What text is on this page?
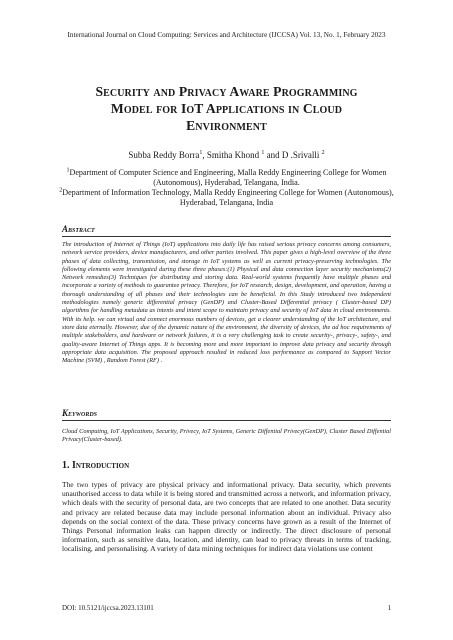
International Journal on Cloud Computing: Services and Architecture (IJCCSA) Vol. 13, No. 1, February 2023
Security and Privacy Aware Programming
Model for IoT Applications in Cloud
Environment
Subba Reddy Borra$^1$, Smitha Khond $^1$ and D .Srivalli $^2$
$^1$Department of Computer Science and Engineering, Malla Reddy Engineering College for Women (Autonomous), Hyderabad, Telangana, India.
$^2$Department of Information Technology, Malla Reddy Engineering College for Women (Autonomous), Hyderabad, Telangana, India
Abstract
The introduction of Internet of Things (IoT) applications into daily life has raised serious privacy concerns among consumers, network service providers, device manufacturers, and other parties involved. This paper gives a high-level overview of the three phases of data collecting, transmission, and storage in IoT systems as well as current privacy-preserving technologies. The following elements were investigated during these three phases:(1) Physical and data connection layer security mechanisms(2) Network remedies(3) Techniques for distributing and storing data. Real-world systems frequently have multiple phases and incorporate a variety of methods to guarantee privacy. Therefore, for IoT research, design, development, and operation, having a thorough understanding of all phases and their technologies can be beneficial. In this Study introduced two independent methodologies namely generic differential privacy (GenDP) and Cluster-Based Differential privacy ( Cluster-based DP) algorithms for handling metadata as intents and intent scope to maintain privacy and security of IoT data in cloud environments. With its help. we can virtual and connect enormous numbers of devices, get a clearer understanding of the IoT architecture, and store data eternally. However, due of the dynamic nature of the environment, the diversity of devices, the ad hoc requirements of multiple stakeholders, and hardware or network failures, it is a very challenging task to create security-, privacy-, safety-, and quality-aware Internet of Things apps. It is becoming more and more important to improve data privacy and security through appropriate data acquisition. The proposed approach resulted in reduced loss performance as compared to Support Vector Machine (SVM) , Random Forest (RF) .
Keywords
Cloud Computing, IoT Applications, Security, Privecy, IoT Systems, Generic Diffential Privecy(GenDP), Cluster Based Diffential Privacy(Cluster-based).
1. Introduction
The two types of privacy are physical privacy and informational privacy. Data security, which prevents unauthorised access to data while it is being stored and transmitted across a network, and information privacy, which deals with the security of personal data, are two concepts that are related to one another. Data security and privacy are related because data may include personal information about an individual. Privacy also depends on the social context of the data. These privacy concerns have grown as a result of the Internet of Things Personal information leaks can happen directly or indirectly. The direct disclosure of personal information, such as sensitive data, location, and identity, can lead to privacy threats in terms of tracking, localising, and personalising. A variety of data mining techniques for indirect data violations use content
DOI: 10.5121/ijccsa.2023.13101	1
